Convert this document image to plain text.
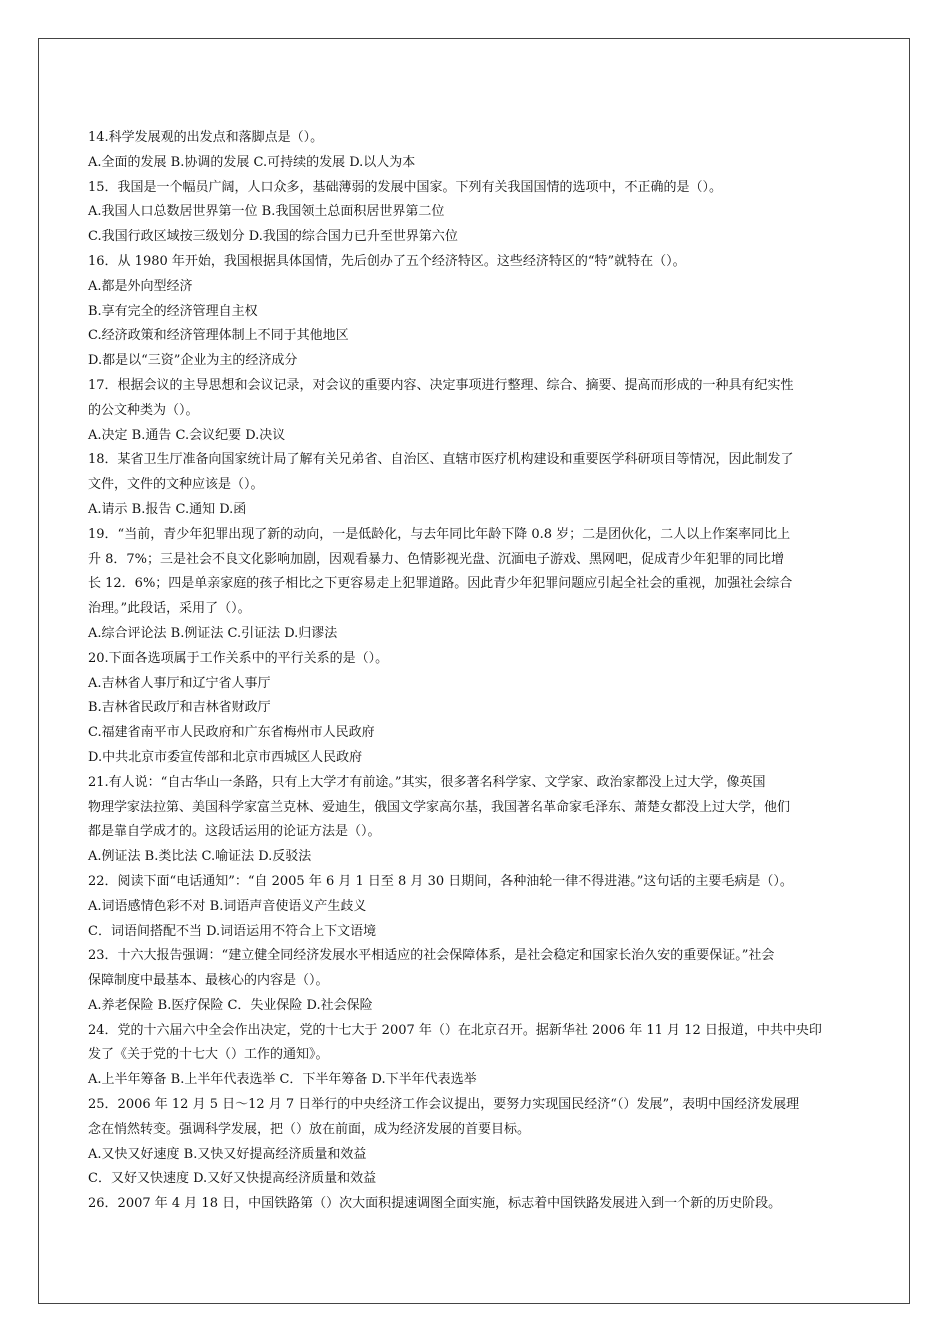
14.科学发展观的出发点和落脚点是（）。
A.全面的发展 B.协调的发展 C.可持续的发展 D.以人为本
15．我国是一个幅员广阔，人口众多，基础薄弱的发展中国家。下列有关我国国情的选项中，不正确的是（）。
A.我国人口总数居世界第一位 B.我国领土总面积居世界第二位
C.我国行政区域按三级划分 D.我国的综合国力已升至世界第六位
16．从 1980 年开始，我国根据具体国情，先后创办了五个经济特区。这些经济特区的“特”就特在（）。
A.都是外向型经济
B.享有完全的经济管理自主权
C.经济政策和经济管理体制上不同于其他地区
D.都是以“三资”企业为主的经济成分
17．根据会议的主导思想和会议记录，对会议的重要内容、决定事项进行整理、综合、摘要、提高而形成的一种具有纪实性
的公文种类为（）。
A.决定 B.通告 C.会议纪要 D.决议
18．某省卫生厅准备向国家统计局了解有关兄弟省、自治区、直辖市医疗机构建设和重要医学科研项目等情况，因此制发了
文件，文件的文种应该是（）。
A.请示 B.报告 C.通知 D.函
19．“当前，青少年犯罪出现了新的动向，一是低龄化，与去年同比年龄下降 0.8 岁；二是团伙化，二人以上作案率同比上
升 8．7%；三是社会不良文化影响加剧，因观看暴力、色情影视光盘、沉湎电子游戏、黑网吧，促成青少年犯罪的同比增
长 12．6%；四是单亲家庭的孩子相比之下更容易走上犯罪道路。因此青少年犯罪问题应引起全社会的重视，加强社会综合
治理。”此段话，采用了（）。
A.综合评论法 B.例证法 C.引证法 D.归谬法
20.下面各选项属于工作关系中的平行关系的是（）。
A.吉林省人事厅和辽宁省人事厅
B.吉林省民政厅和吉林省财政厅
C.福建省南平市人民政府和广东省梅州市人民政府
D.中共北京市委宣传部和北京市西城区人民政府
21.有人说：“自古华山一条路，只有上大学才有前途。”其实，很多著名科学家、文学家、政治家都没上过大学，像英国
物理学家法拉第、美国科学家富兰克林、爱迪生，俄国文学家高尔基，我国著名革命家毛泽东、萧楚女都没上过大学，他们
都是靠自学成才的。这段话运用的论证方法是（）。
A.例证法 B.类比法 C.喻证法 D.反驳法
22．阅读下面“电话通知”：“自 2005 年 6 月 1 日至 8 月 30 日期间，各种油轮一律不得进港。”这句话的主要毛病是（）。
A.词语感情色彩不对 B.词语声音使语义产生歧义
C．词语间搭配不当 D.词语运用不符合上下文语境
23．十六大报告强调：“建立健全同经济发展水平相适应的社会保障体系，是社会稳定和国家长治久安的重要保证。”社会
保障制度中最基本、最核心的内容是（）。
A.养老保险 B.医疗保险 C．失业保险 D.社会保险
24．党的十六届六中全会作出决定，党的十七大于 2007 年（）在北京召开。据新华社 2006 年 11 月 12 日报道，中共中央印
发了《关于党的十七大（）工作的通知》。
A.上半年筹备 B.上半年代表选举 C．下半年筹备 D.下半年代表选举
25．2006 年 12 月 5 日～12 月 7 日举行的中央经济工作会议提出，要努力实现国民经济“（）发展”，表明中国经济发展理
念在悄然转变。强调科学发展，把（）放在前面，成为经济发展的首要目标。
A.又快又好速度 B.又快又好提高经济质量和效益
C．又好又快速度 D.又好又快提高经济质量和效益
26．2007 年 4 月 18 日，中国铁路第（）次大面积提速调图全面实施，标志着中国铁路发展进入到一个新的历史阶段。
